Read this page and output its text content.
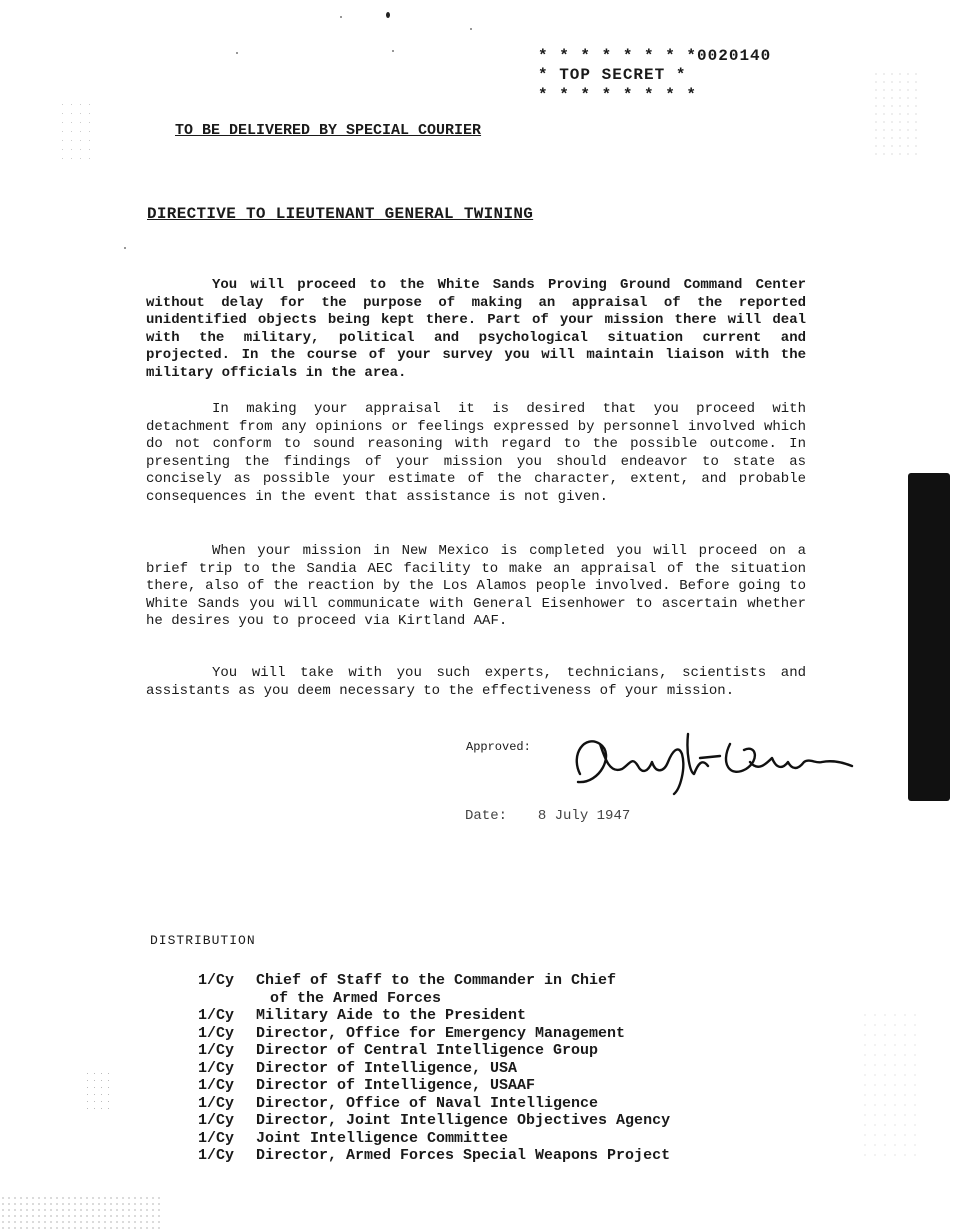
* * * * * * * *0020140
* TOP SECRET *
* * * * * * * *
TO BE DELIVERED BY SPECIAL COURIER
DIRECTIVE TO LIEUTENANT GENERAL TWINING
You will proceed to the White Sands Proving Ground Command Center without delay for the purpose of making an appraisal of the reported unidentified objects being kept there. Part of your mission there will deal with the military, political and psychological situation current and projected. In the course of your survey you will maintain liaison with the military officials in the area.
In making your appraisal it is desired that you proceed with detachment from any opinions or feelings expressed by personnel involved which do not conform to sound reasoning with regard to the possible outcome. In presenting the findings of your mission you should endeavor to state as concisely as possible your estimate of the character, extent, and probable consequences in the event that assistance is not given.
When your mission in New Mexico is completed you will proceed on a brief trip to the Sandia AEC facility to make an appraisal of the situation there, also of the reaction by the Los Alamos people involved. Before going to White Sands you will communicate with General Eisenhower to ascertain whether he desires you to proceed via Kirtland AAF.
You will take with you such experts, technicians, scientists and assistants as you deem necessary to the effectiveness of your mission.
Approved:
Date: 8 July 1947
DISTRIBUTION
1/Cy	Chief of Staff to the Commander in Chief
of the Armed Forces
1/Cy	Military Aide to the President
1/Cy	Director, Office for Emergency Management
1/Cy	Director of Central Intelligence Group
1/Cy	Director of Intelligence, USA
1/Cy	Director of Intelligence, USAAF
1/Cy	Director, Office of Naval Intelligence
1/Cy	Director, Joint Intelligence Objectives Agency
1/Cy	Joint Intelligence Committee
1/Cy	Director, Armed Forces Special Weapons Project
